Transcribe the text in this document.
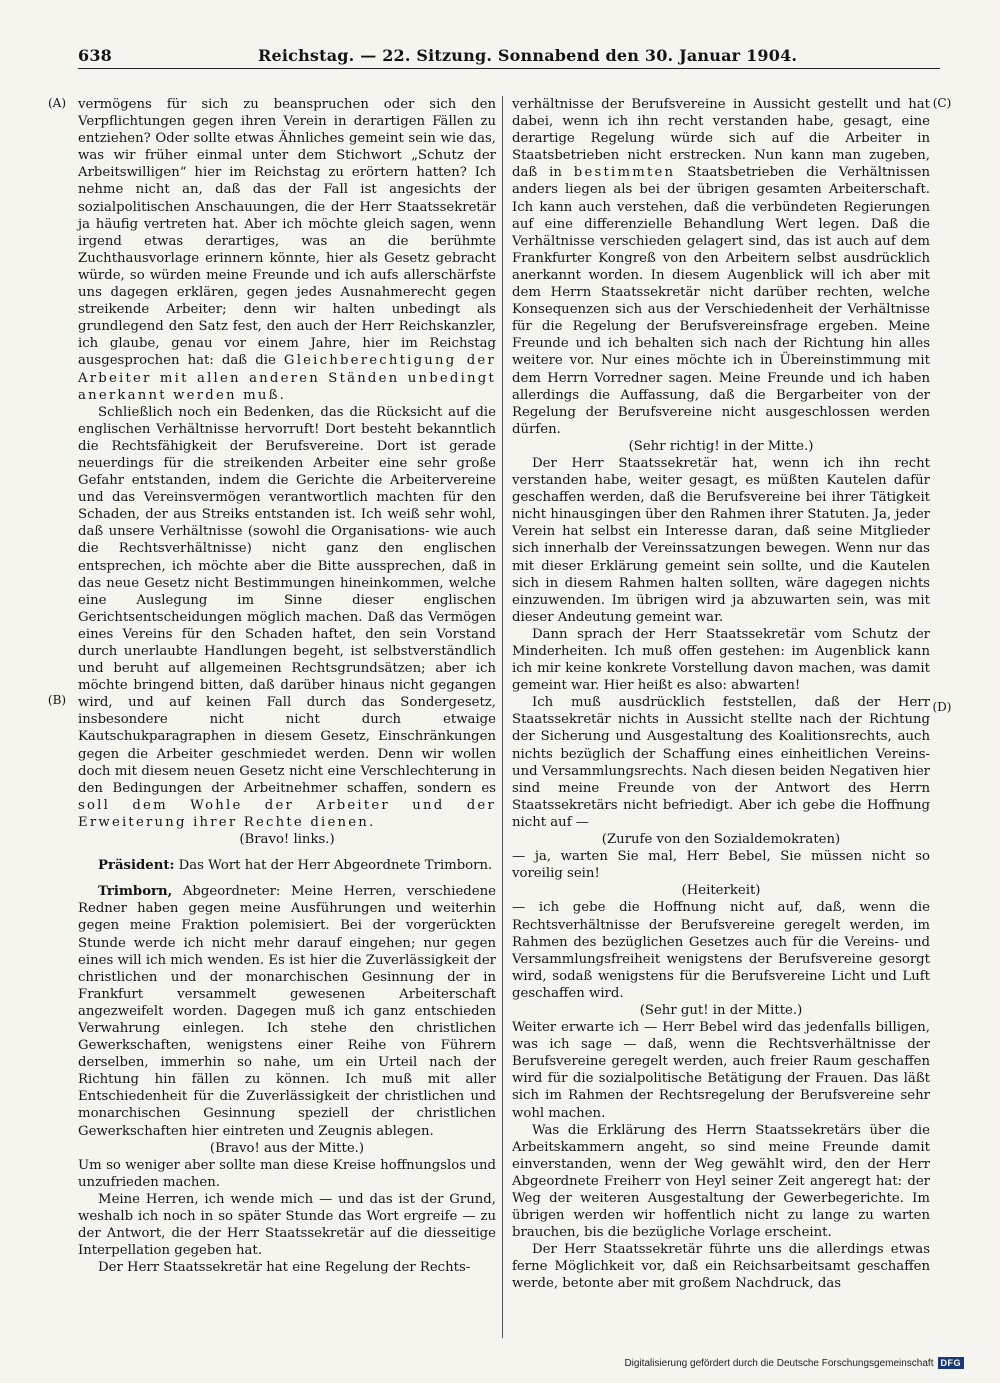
638	Reichstag. — 22. Sitzung. Sonnabend den 30. Januar 1904.
(A)
(B)
(C)
(D)

vermögens für sich zu beanspruchen oder sich den Verpflichtungen gegen ihren Verein in derartigen Fällen zu entziehen? Oder sollte etwas Ähnliches gemeint sein wie das, was wir früher einmal unter dem Stichwort „Schutz der Arbeitswilligen“ hier im Reichstag zu erörtern hatten? Ich nehme nicht an, daß das der Fall ist angesichts der sozialpolitischen Anschauungen, die der Herr Staatssekretär ja häufig vertreten hat. Aber ich möchte gleich sagen, wenn irgend etwas derartiges, was an die berühmte Zuchthausvorlage erinnern könnte, hier als Gesetz gebracht würde, so würden meine Freunde und ich aufs allerschärfste uns dagegen erklären, gegen jedes Ausnahmerecht gegen streikende Arbeiter; denn wir halten unbedingt als grundlegend den Satz fest, den auch der Herr Reichskanzler, ich glaube, genau vor einem Jahre, hier im Reichstag ausgesprochen hat: daß die Gleichberechtigung der Arbeiter mit allen anderen Ständen unbedingt anerkannt werden muß.

Schließlich noch ein Bedenken, das die Rücksicht auf die englischen Verhältnisse hervorruft! Dort besteht bekanntlich die Rechtsfähigkeit der Berufsvereine. Dort ist gerade neuerdings für die streikenden Arbeiter eine sehr große Gefahr entstanden, indem die Gerichte die Arbeitervereine und das Vereinsvermögen verantwortlich machten für den Schaden, der aus Streiks entstanden ist. Ich weiß sehr wohl, daß unsere Verhältnisse (sowohl die Organisations- wie auch die Rechtsverhältnisse) nicht ganz den englischen entsprechen, ich möchte aber die Bitte aussprechen, daß in das neue Gesetz nicht Bestimmungen hineinkommen, welche eine Auslegung im Sinne dieser englischen Gerichtsentscheidungen möglich machen. Daß das Vermögen eines Vereins für den Schaden haftet, den sein Vorstand durch unerlaubte Handlungen begeht, ist selbstverständlich und beruht auf allgemeinen Rechtsgrundsätzen; aber ich möchte bringend bitten, daß darüber hinaus nicht gegangen wird, und auf keinen Fall durch das Sondergesetz, insbesondere nicht nicht durch etwaige Kautschukparagraphen in diesem Gesetz, Einschränkungen gegen die Arbeiter geschmiedet werden. Denn wir wollen doch mit diesem neuen Gesetz nicht eine Verschlechterung in den Bedingungen der Arbeitnehmer schaffen, sondern es soll dem Wohle der Arbeiter und der Erweiterung ihrer Rechte dienen.

(Bravo! links.)

Präsident: Das Wort hat der Herr Abgeordnete Trimborn.

Trimborn, Abgeordneter: Meine Herren, verschiedene Redner haben gegen meine Ausführungen und weiterhin gegen meine Fraktion polemisiert. Bei der vorgerückten Stunde werde ich nicht mehr darauf eingehen; nur gegen eines will ich mich wenden. Es ist hier die Zuverlässigkeit der christlichen und der monarchischen Gesinnung der in Frankfurt versammelt gewesenen Arbeiterschaft angezweifelt worden. Dagegen muß ich ganz entschieden Verwahrung einlegen. Ich stehe den christlichen Gewerkschaften, wenigstens einer Reihe von Führern derselben, immerhin so nahe, um ein Urteil nach der Richtung hin fällen zu können. Ich muß mit aller Entschiedenheit für die Zuverlässigkeit der christlichen und monarchischen Gesinnung speziell der christlichen Gewerkschaften hier eintreten und Zeugnis ablegen.

(Bravo! aus der Mitte.)

Um so weniger aber sollte man diese Kreise hoffnungslos und unzufrieden machen.

Meine Herren, ich wende mich — und das ist der Grund, weshalb ich noch in so später Stunde das Wort ergreife — zu der Antwort, die der Herr Staatssekretär auf die diesseitige Interpellation gegeben hat.

Der Herr Staatssekretär hat eine Regelung der Rechts-

verhältnisse der Berufsvereine in Aussicht gestellt und hat dabei, wenn ich ihn recht verstanden habe, gesagt, eine derartige Regelung würde sich auf die Arbeiter in Staatsbetrieben nicht erstrecken. Nun kann man zugeben, daß in bestimmten Staatsbetrieben die Verhältnissen anders liegen als bei der übrigen gesamten Arbeiterschaft. Ich kann auch verstehen, daß die verbündeten Regierungen auf eine differenzielle Behandlung Wert legen. Daß die Verhältnisse verschieden gelagert sind, das ist auch auf dem Frankfurter Kongreß von den Arbeitern selbst ausdrücklich anerkannt worden. In diesem Augenblick will ich aber mit dem Herrn Staatssekretär nicht darüber rechten, welche Konsequenzen sich aus der Verschiedenheit der Verhältnisse für die Regelung der Berufsvereinsfrage ergeben. Meine Freunde und ich behalten sich nach der Richtung hin alles weitere vor. Nur eines möchte ich in Übereinstimmung mit dem Herrn Vorredner sagen. Meine Freunde und ich haben allerdings die Auffassung, daß die Bergarbeiter von der Regelung der Berufsvereine nicht ausgeschlossen werden dürfen.

(Sehr richtig! in der Mitte.)

Der Herr Staatssekretär hat, wenn ich ihn recht verstanden habe, weiter gesagt, es müßten Kautelen dafür geschaffen werden, daß die Berufsvereine bei ihrer Tätigkeit nicht hinausgingen über den Rahmen ihrer Statuten. Ja, jeder Verein hat selbst ein Interesse daran, daß seine Mitglieder sich innerhalb der Vereinssatzungen bewegen. Wenn nur das mit dieser Erklärung gemeint sein sollte, und die Kautelen sich in diesem Rahmen halten sollten, wäre dagegen nichts einzuwenden. Im übrigen wird ja abzuwarten sein, was mit dieser Andeutung gemeint war.

Dann sprach der Herr Staatssekretär vom Schutz der Minderheiten. Ich muß offen gestehen: im Augenblick kann ich mir keine konkrete Vorstellung davon machen, was damit gemeint war. Hier heißt es also: abwarten!

Ich muß ausdrücklich feststellen, daß der Herr Staatssekretär nichts in Aussicht stellte nach der Richtung der Sicherung und Ausgestaltung des Koalitionsrechts, auch nichts bezüglich der Schaffung eines einheitlichen Vereins- und Versammlungsrechts. Nach diesen beiden Negativen hier sind meine Freunde von der Antwort des Herrn Staatssekretärs nicht befriedigt. Aber ich gebe die Hoffnung nicht auf —

(Zurufe von den Sozialdemokraten)

— ja, warten Sie mal, Herr Bebel, Sie müssen nicht so voreilig sein!

(Heiterkeit)

— ich gebe die Hoffnung nicht auf, daß, wenn die Rechtsverhältnisse der Berufsvereine geregelt werden, im Rahmen des bezüglichen Gesetzes auch für die Vereins- und Versammlungsfreiheit wenigstens der Berufsvereine gesorgt wird, sodaß wenigstens für die Berufsvereine Licht und Luft geschaffen wird.

(Sehr gut! in der Mitte.)

Weiter erwarte ich — Herr Bebel wird das jedenfalls billigen, was ich sage — daß, wenn die Rechtsverhältnisse der Berufsvereine geregelt werden, auch freier Raum geschaffen wird für die sozialpolitische Betätigung der Frauen. Das läßt sich im Rahmen der Rechtsregelung der Berufsvereine sehr wohl machen.

Was die Erklärung des Herrn Staatssekretärs über die Arbeitskammern angeht, so sind meine Freunde damit einverstanden, wenn der Weg gewählt wird, den der Herr Abgeordnete Freiherr von Heyl seiner Zeit angeregt hat: der Weg der weiteren Ausgestaltung der Gewerbegerichte. Im übrigen werden wir hoffentlich nicht zu lange zu warten brauchen, bis die bezügliche Vorlage erscheint.

Der Herr Staatssekretär führte uns die allerdings etwas ferne Möglichkeit vor, daß ein Reichsarbeitsamt geschaffen werde, betonte aber mit großem Nachdruck, das

Digitalisierung gefördert durch die Deutsche Forschungsgemeinschaft DFG
